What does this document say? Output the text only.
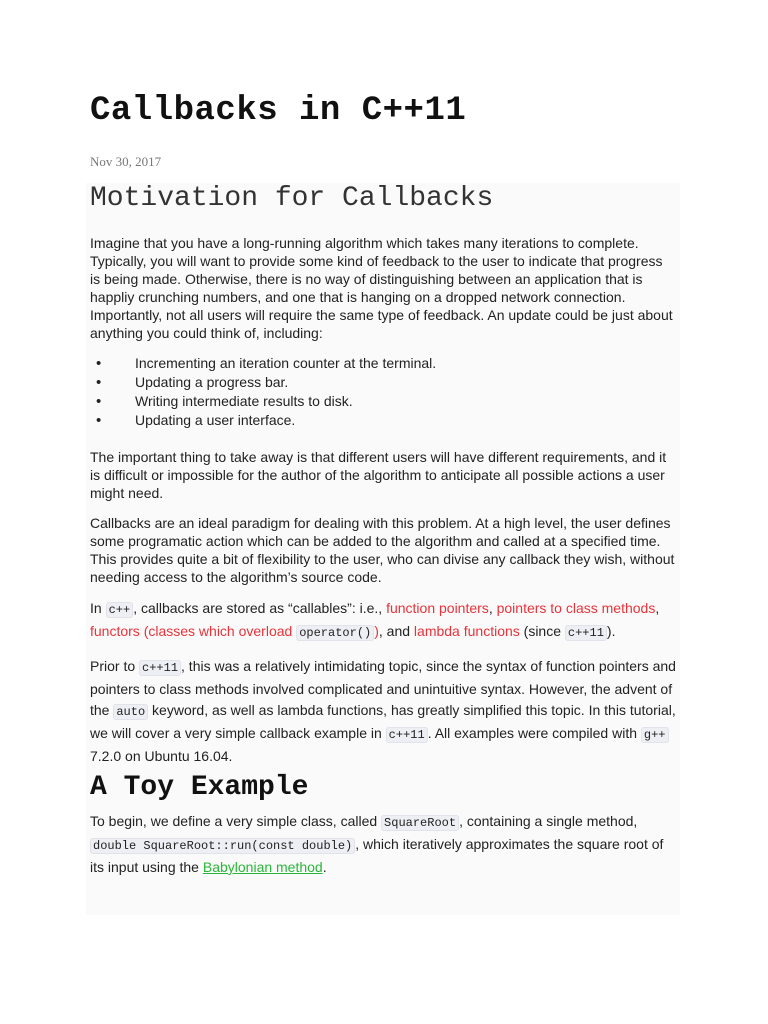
Callbacks in C++11
Nov 30, 2017
Motivation for Callbacks

Imagine that you have a long-running algorithm which takes many iterations to complete. Typically, you will want to provide some kind of feedback to the user to indicate that progress is being made. Otherwise, there is no way of distinguishing between an application that is happliy crunching numbers, and one that is hanging on a dropped network connection. Importantly, not all users will require the same type of feedback. An update could be just about anything you could think of, including:

• Incrementing an iteration counter at the terminal.
• Updating a progress bar.
• Writing intermediate results to disk.
• Updating a user interface.

The important thing to take away is that different users will have different requirements, and it is difficult or impossible for the author of the algorithm to anticipate all possible actions a user might need.

Callbacks are an ideal paradigm for dealing with this problem. At a high level, the user defines some programatic action which can be added to the algorithm and called at a specified time. This provides quite a bit of flexibility to the user, who can divise any callback they wish, without needing access to the algorithm’s source code.

In c++ , callbacks are stored as “callables”: i.e., function pointers, pointers to class methods, functors (classes which overload operator() ), and lambda functions (since c++11 ).

Prior to c++11 , this was a relatively intimidating topic, since the syntax of function pointers and pointers to class methods involved complicated and unintuitive syntax. However, the advent of the auto keyword, as well as lambda functions, has greatly simplified this topic. In this tutorial, we will cover a very simple callback example in c++11 . All examples were compiled with g++ 7.2.0 on Ubuntu 16.04.

A Toy Example

To begin, we define a very simple class, called SquareRoot , containing a single method, double SquareRoot::run(const double) , which iteratively approximates the square root of its input using the Babylonian method.
